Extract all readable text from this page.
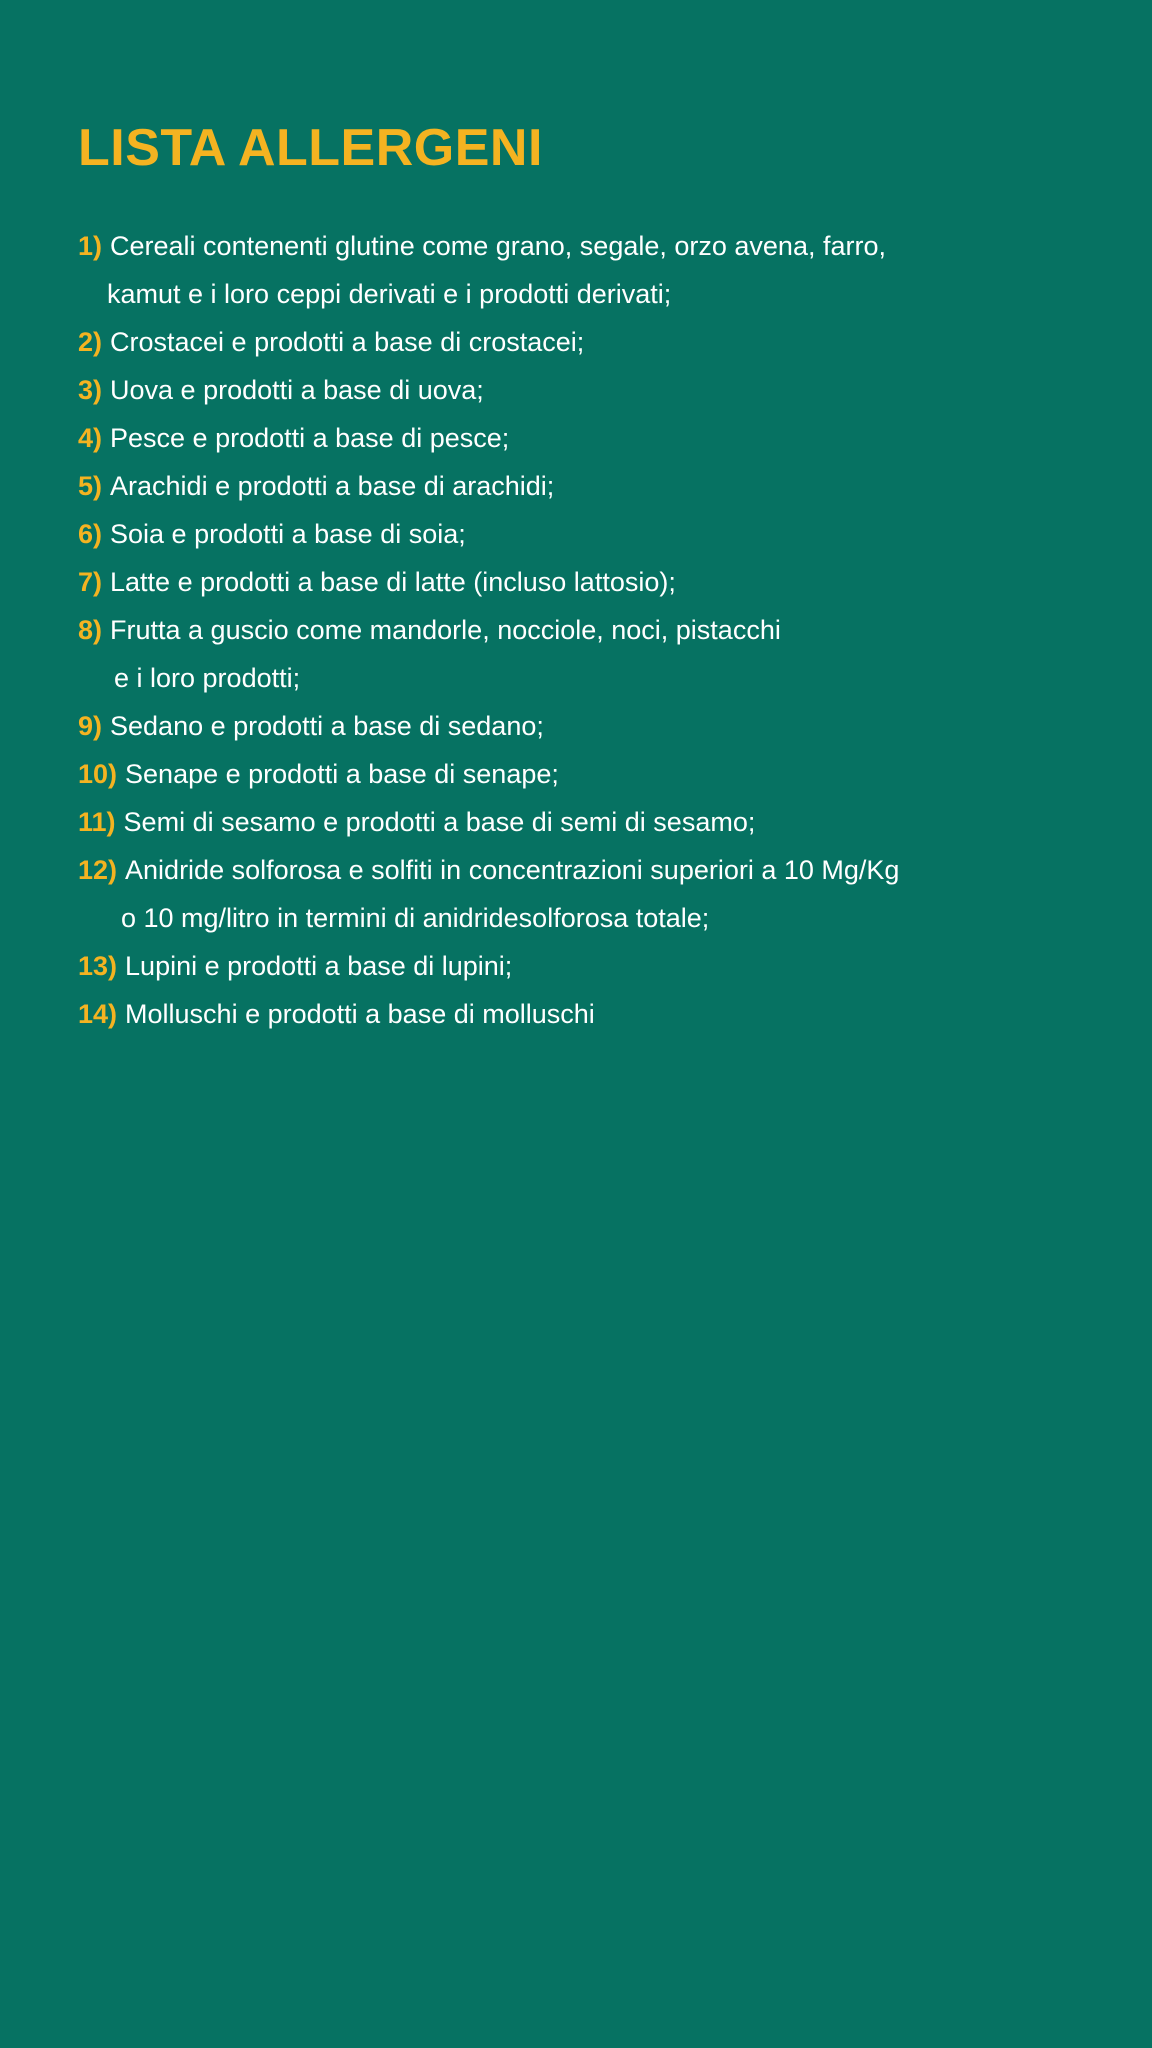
LISTA ALLERGENI
1) Cereali contenenti glutine come grano, segale, orzo avena, farro,
kamut e i loro ceppi derivati e i prodotti derivati;
2) Crostacei e prodotti a base di crostacei;
3) Uova e prodotti a base di uova;
4) Pesce e prodotti a base di pesce;
5) Arachidi e prodotti a base di arachidi;
6) Soia e prodotti a base di soia;
7) Latte e prodotti a base di latte (incluso lattosio);
8) Frutta a guscio come mandorle, nocciole, noci, pistacchi
e i loro prodotti;
9) Sedano e prodotti a base di sedano;
10) Senape e prodotti a base di senape;
11) Semi di sesamo e prodotti a base di semi di sesamo;
12) Anidride solforosa e solfiti in concentrazioni superiori a 10 Mg/Kg
o 10 mg/litro in termini di anidridesolforosa totale;
13) Lupini e prodotti a base di lupini;
14) Molluschi e prodotti a base di molluschi
